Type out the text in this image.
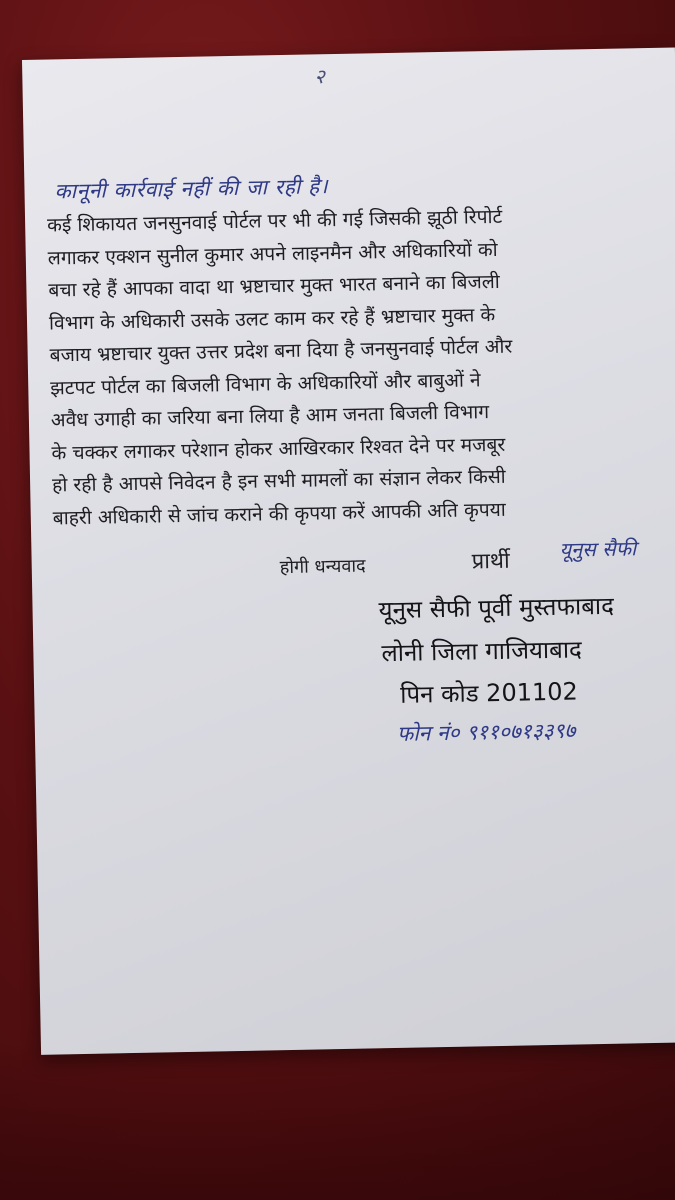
२
कानूनी कार्रवाई नहीं की जा रही है।
कई शिकायत जनसुनवाई पोर्टल पर भी की गई जिसकी झूठी रिपोर्ट
लगाकर एक्शन सुनील कुमार अपने लाइनमैन और अधिकारियों को
बचा रहे हैं आपका वादा था भ्रष्टाचार मुक्त भारत बनाने का बिजली
विभाग के अधिकारी उसके उलट काम कर रहे हैं भ्रष्टाचार मुक्त के
बजाय भ्रष्टाचार युक्त उत्तर प्रदेश बना दिया है जनसुनवाई पोर्टल और
झटपट पोर्टल का बिजली विभाग के अधिकारियों और बाबुओं ने
अवैध उगाही का जरिया बना लिया है आम जनता बिजली विभाग
के चक्कर लगाकर परेशान होकर आखिरकार रिश्वत देने पर मजबूर
हो रही है आपसे निवेदन है इन सभी मामलों का संज्ञान लेकर किसी
बाहरी अधिकारी से जांच कराने की कृपया करें आपकी अति कृपया
होगी धन्यवाद	प्रार्थी यूनुस सैफी
यूनुस सैफी पूर्वी मुस्तफाबाद
लोनी जिला गाजियाबाद
पिन कोड 201102
फोन नं० ९११०७१३३९७
